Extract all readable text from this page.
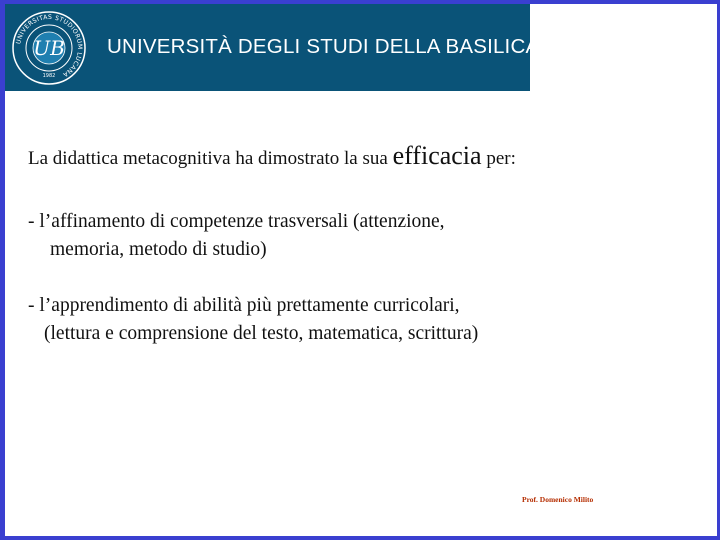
UNIVERSITAS STUDIORUM LUCANA
UB
1982
UNIVERSITÀ DEGLI STUDI DELLA BASILICATA
La didattica metacognitiva ha dimostrato la sua efficacia per:
- l’affinamento di competenze trasversali (attenzione,
memoria, metodo di studio)
- l’apprendimento di abilità più prettamente curricolari,
(lettura e comprensione del testo, matematica, scrittura)
Prof. Domenico Milito
